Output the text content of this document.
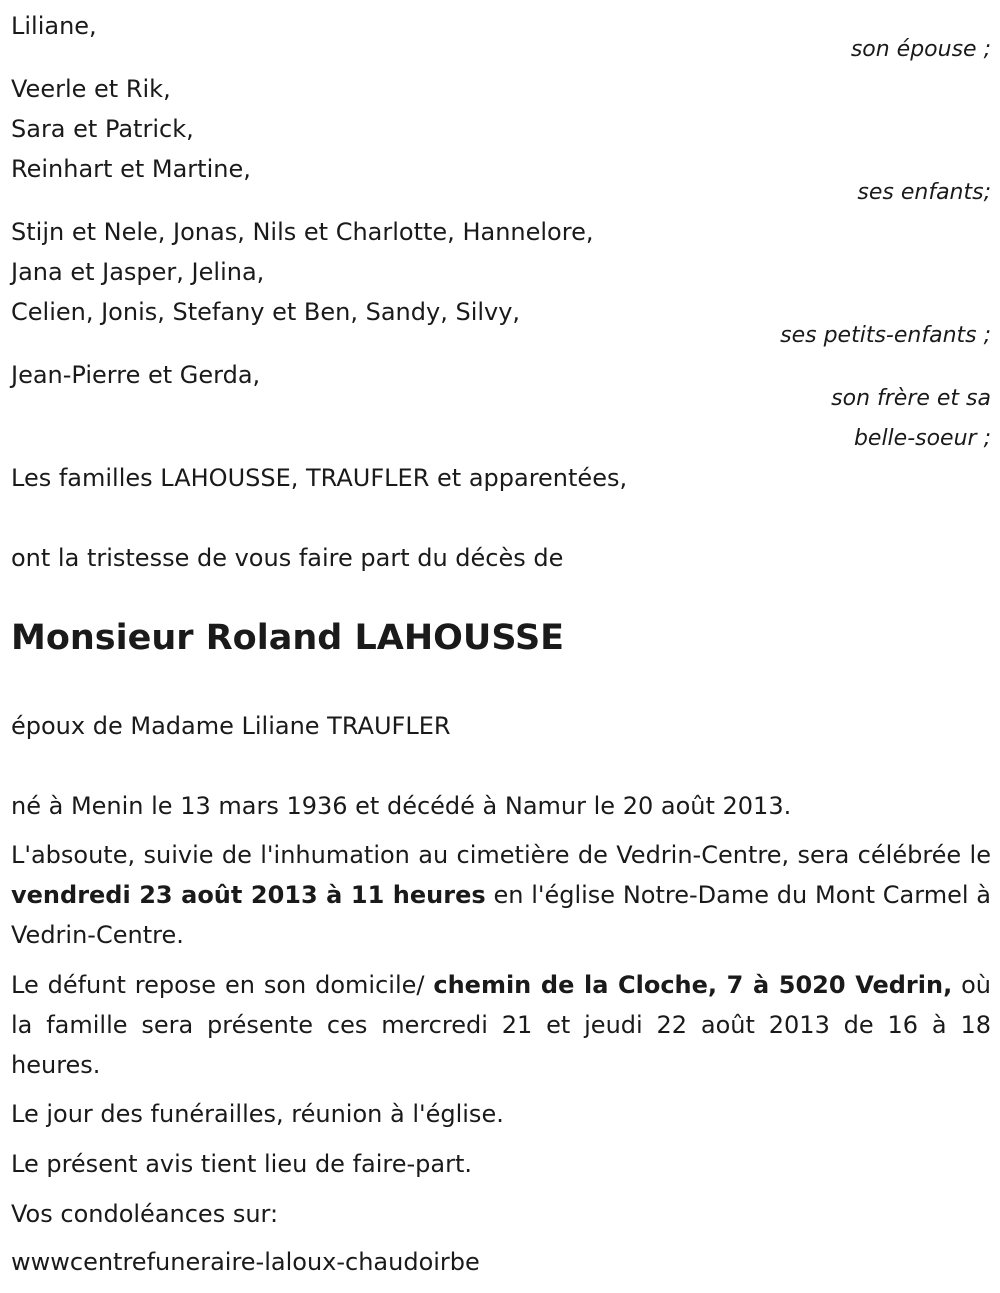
Liliane,
son épouse ;
Veerle et Rik,
Sara et Patrick,
Reinhart et Martine,
ses enfants;
Stijn et Nele, Jonas, Nils et Charlotte, Hannelore,
Jana et Jasper, Jelina,
Celien, Jonis, Stefany et Ben, Sandy, Silvy,
ses petits-enfants ;
Jean-Pierre et Gerda,
son frère et sa
belle-soeur ;
Les familles LAHOUSSE, TRAUFLER et apparentées,
ont la tristesse de vous faire part du décès de
Monsieur Roland LAHOUSSE
époux de Madame Liliane TRAUFLER
né à Menin le 13 mars 1936 et décédé à Namur le 20 août 2013.
L'absoute, suivie de l'inhumation au cimetière de Vedrin-Centre, sera célébrée le vendredi 23 août 2013 à 11 heures en l'église Notre-Dame du Mont Carmel à Vedrin-Centre.
Le défunt repose en son domicile/ chemin de la Cloche, 7 à 5020 Vedrin, où la famille sera présente ces mercredi 21 et jeudi 22 août 2013 de 16 à 18 heures.
Le jour des funérailles, réunion à l'église.
Le présent avis tient lieu de faire-part.
Vos condoléances sur:
wwwcentrefuneraire-laloux-chaudoirbe
